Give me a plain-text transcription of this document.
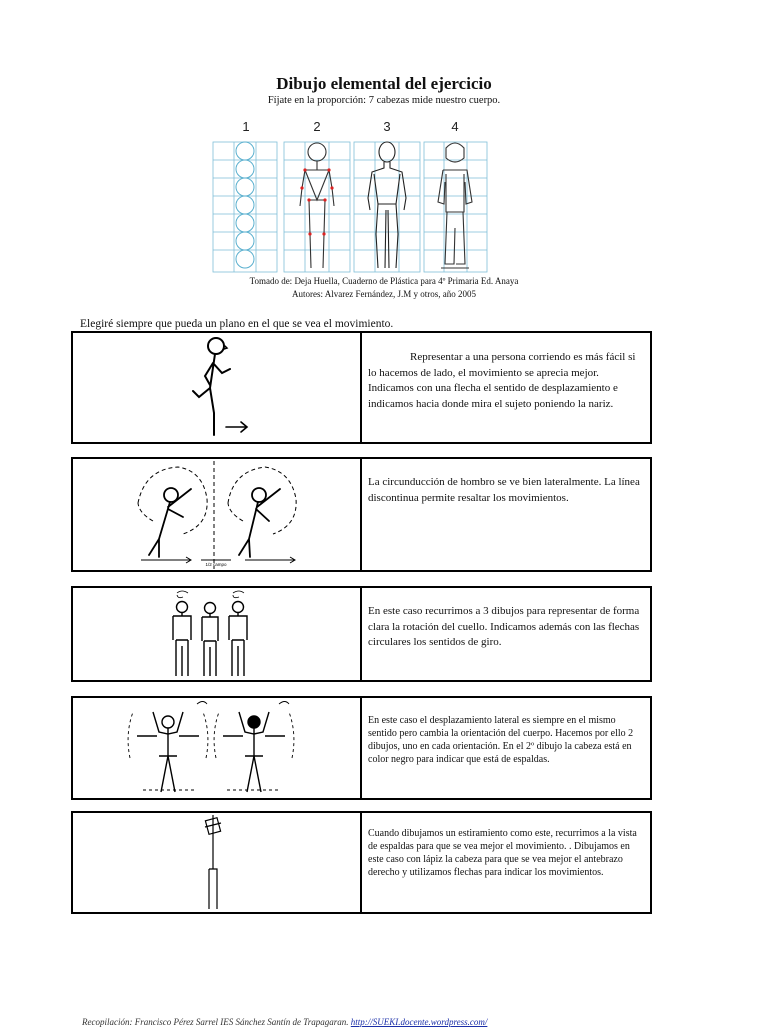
Dibujo elemental del ejercicio
Fíjate en la proporción: 7 cabezas mide nuestro cuerpo.
1	2	3	4
Tomado de: Deja Huella, Cuaderno de Plástica para 4º Primaria Ed. Anaya
Autores: Alvarez Fernández, J.M y otros, año 2005
Elegiré siempre que pueda un plano en el que se vea el movimiento.
Representar a una persona corriendo es más fácil si lo hacemos de lado, el movimiento se aprecia mejor. Indicamos con una flecha el sentido de desplazamiento e indicamos hacia donde mira el sujeto poniendo la nariz.
1/2 campo
La circunducción de hombro se ve bien lateralmente. La línea discontinua permite resaltar los movimientos.
En este caso recurrimos a 3 dibujos para representar de forma clara la rotación del cuello. Indicamos además con las flechas circulares los sentidos de giro.
En este caso el desplazamiento lateral es siempre en el mismo sentido pero cambia la orientación del cuerpo. Hacemos por ello 2 dibujos, uno en cada orientación. En el 2º dibujo la cabeza está en color negro para indicar que está de espaldas.
Cuando dibujamos un estiramiento como este, recurrimos a la vista de espaldas para que se vea mejor el movimiento. . Dibujamos en este caso con lápiz la cabeza para que se vea mejor el antebrazo derecho y utilizamos flechas para indicar los movimientos.
Recopilación: Francisco Pérez Sarrel IES Sánchez Santín de Trapagaran. http://SUEKI.docente.wordpress.com/
